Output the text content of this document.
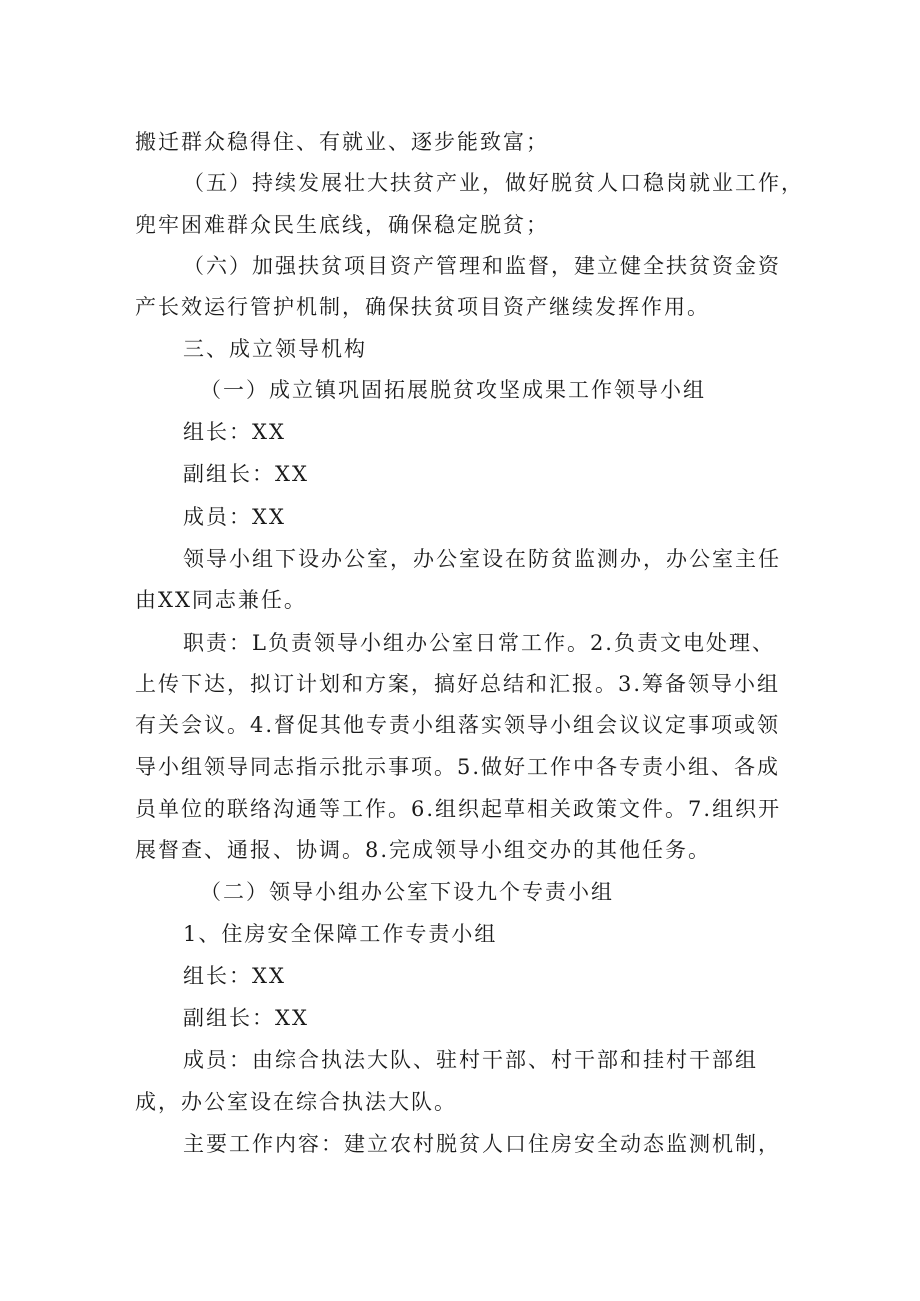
搬迁群众稳得住、有就业、逐步能致富；
（五）持续发展壮大扶贫产业，做好脱贫人口稳岗就业工作，
兜牢困难群众民生底线，确保稳定脱贫；
（六）加强扶贫项目资产管理和监督，建立健全扶贫资金资
产长效运行管护机制，确保扶贫项目资产继续发挥作用。
三、成立领导机构
（一）成立镇巩固拓展脱贫攻坚成果工作领导小组
组长：XX
副组长：XX
成员：XX
领导小组下设办公室，办公室设在防贫监测办，办公室主任
由XX同志兼任。
职责：L负责领导小组办公室日常工作。2.负责文电处理、
上传下达，拟订计划和方案，搞好总结和汇报。3.筹备领导小组
有关会议。4.督促其他专责小组落实领导小组会议议定事项或领
导小组领导同志指示批示事项。5.做好工作中各专责小组、各成
员单位的联络沟通等工作。6.组织起草相关政策文件。7.组织开
展督查、通报、协调。8.完成领导小组交办的其他任务。
（二）领导小组办公室下设九个专责小组
1、住房安全保障工作专责小组
组长：XX
副组长：XX
成员：由综合执法大队、驻村干部、村干部和挂村干部组
成，办公室设在综合执法大队。
主要工作内容：建立农村脱贫人口住房安全动态监测机制，
